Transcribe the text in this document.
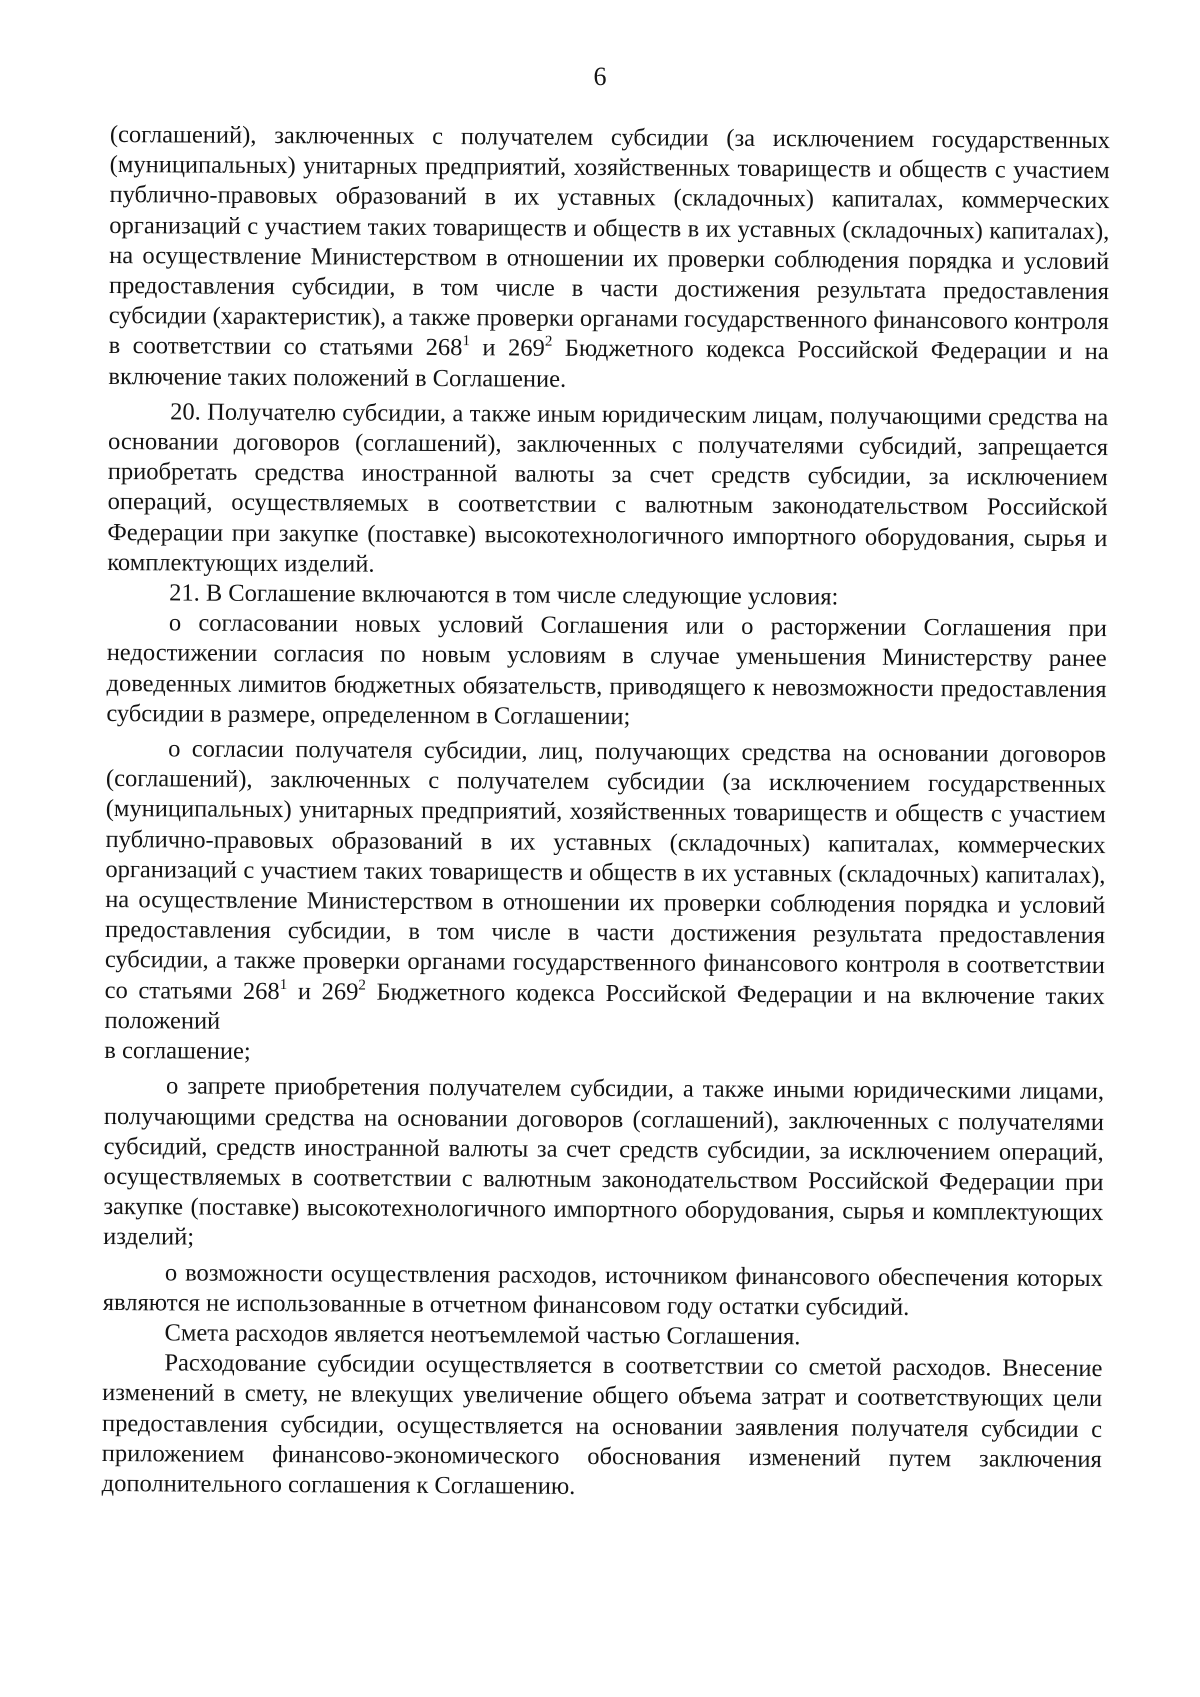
6

(соглашений), заключенных с получателем субсидии (за исключением государственных (муниципальных) унитарных предприятий, хозяйственных товариществ и обществ с участием публично-правовых образований в их уставных (складочных) капиталах, коммерческих организаций с участием таких товариществ и обществ в их уставных (складочных) капиталах), на осуществление Министерством в отношении их проверки соблюдения порядка и условий предоставления субсидии, в том числе в части достижения результата предоставления субсидии (характеристик), а также проверки органами государственного финансового контроля в соответствии со статьями $268^1$ и $269^2$ Бюджетного кодекса Российской Федерации и на включение таких положений в Соглашение.

20. Получателю субсидии, а также иным юридическим лицам, получающими средства на основании договоров (соглашений), заключенных с получателями субсидий, запрещается приобретать средства иностранной валюты за счет средств субсидии, за исключением операций, осуществляемых в соответствии с валютным законодательством Российской Федерации при закупке (поставке) высокотехнологичного импортного оборудования, сырья и комплектующих изделий.

21. В Соглашение включаются в том числе следующие условия:

о согласовании новых условий Соглашения или о расторжении Соглашения при недостижении согласия по новым условиям в случае уменьшения Министерству ранее доведенных лимитов бюджетных обязательств, приводящего к невозможности предоставления субсидии в размере, определенном в Соглашении;

о согласии получателя субсидии, лиц, получающих средства на основании договоров (соглашений), заключенных с получателем субсидии (за исключением государственных (муниципальных) унитарных предприятий, хозяйственных товариществ и обществ с участием публично-правовых образований в их уставных (складочных) капиталах, коммерческих организаций с участием таких товариществ и обществ в их уставных (складочных) капиталах), на осуществление Министерством в отношении их проверки соблюдения порядка и условий предоставления субсидии, в том числе в части достижения результата предоставления субсидии, а также проверки органами государственного финансового контроля в соответствии со статьями $268^1$ и $269^2$ Бюджетного кодекса Российской Федерации и на включение таких положений

в соглашение;

о запрете приобретения получателем субсидии, а также иными юридическими лицами, получающими средства на основании договоров (соглашений), заключенных с получателями субсидий, средств иностранной валюты за счет средств субсидии, за исключением операций, осуществляемых в соответствии с валютным законодательством Российской Федерации при закупке (поставке) высокотехнологичного импортного оборудования, сырья и комплектующих изделий;

о возможности осуществления расходов, источником финансового обеспечения которых являются не использованные в отчетном финансовом году остатки субсидий.

Смета расходов является неотъемлемой частью Соглашения.

Расходование субсидии осуществляется в соответствии со сметой расходов. Внесение изменений в смету, не влекущих увеличение общего объема затрат и соответствующих цели предоставления субсидии, осуществляется на основании заявления получателя субсидии с приложением финансово-экономического обоснования изменений путем заключения дополнительного соглашения к Соглашению.
